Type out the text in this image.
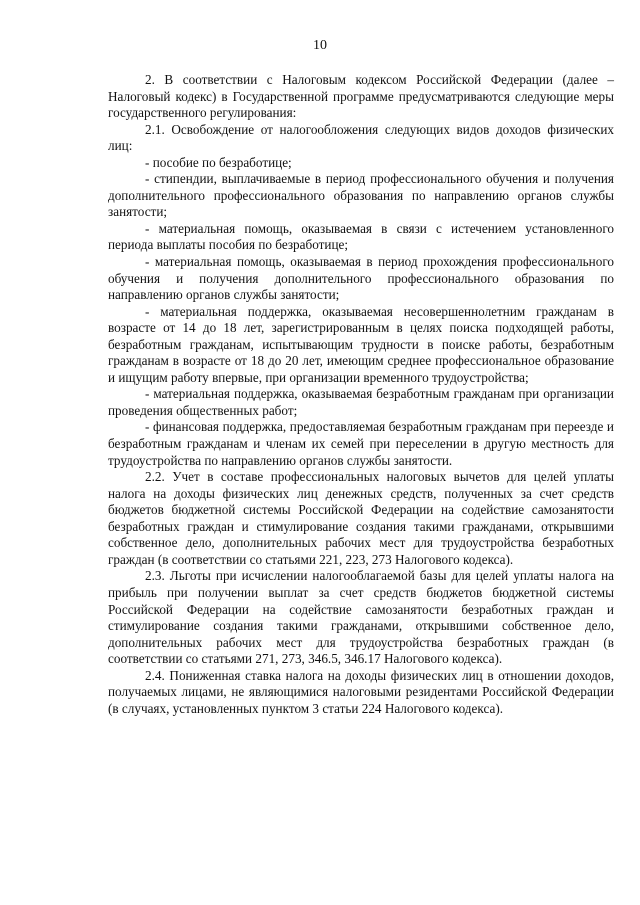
10

2. В соответствии с Налоговым кодексом Российской Федерации (далее – Налоговый кодекс) в Государственной программе предусматриваются следующие меры государственного регулирования:

2.1. Освобождение от налогообложения следующих видов доходов физических лиц:

- пособие по безработице;

- стипендии, выплачиваемые в период профессионального обучения и получения дополнительного профессионального образования по направлению органов службы занятости;

- материальная помощь, оказываемая в связи с истечением установленного периода выплаты пособия по безработице;

- материальная помощь, оказываемая в период прохождения профессионального обучения и получения дополнительного профессионального образования по направлению органов службы занятости;

- материальная поддержка, оказываемая несовершеннолетним гражданам в возрасте от 14 до 18 лет, зарегистрированным в целях поиска подходящей работы, безработным гражданам, испытывающим трудности в поиске работы, безработным гражданам в возрасте от 18 до 20 лет, имеющим среднее профессиональное образование и ищущим работу впервые, при организации временного трудоустройства;

- материальная поддержка, оказываемая безработным гражданам при организации проведения общественных работ;

- финансовая поддержка, предоставляемая безработным гражданам при переезде и безработным гражданам и членам их семей при переселении в другую местность для трудоустройства по направлению органов службы занятости.

2.2. Учет в составе профессиональных налоговых вычетов для целей уплаты налога на доходы физических лиц денежных средств, полученных за счет средств бюджетов бюджетной системы Российской Федерации на содействие самозанятости безработных граждан и стимулирование создания такими гражданами, открывшими собственное дело, дополнительных рабочих мест для трудоустройства безработных граждан (в соответствии со статьями 221, 223, 273 Налогового кодекса).

2.3. Льготы при исчислении налогооблагаемой базы для целей уплаты налога на прибыль при получении выплат за счет средств бюджетов бюджетной системы Российской Федерации на содействие самозанятости безработных граждан и стимулирование создания такими гражданами, открывшими собственное дело, дополнительных рабочих мест для трудоустройства безработных граждан (в соответствии со статьями 271, 273, 346.5, 346.17 Налогового кодекса).

2.4. Пониженная ставка налога на доходы физических лиц в отношении доходов, получаемых лицами, не являющимися налоговыми резидентами Российской Федерации (в случаях, установленных пунктом 3 статьи 224 Налогового кодекса).
